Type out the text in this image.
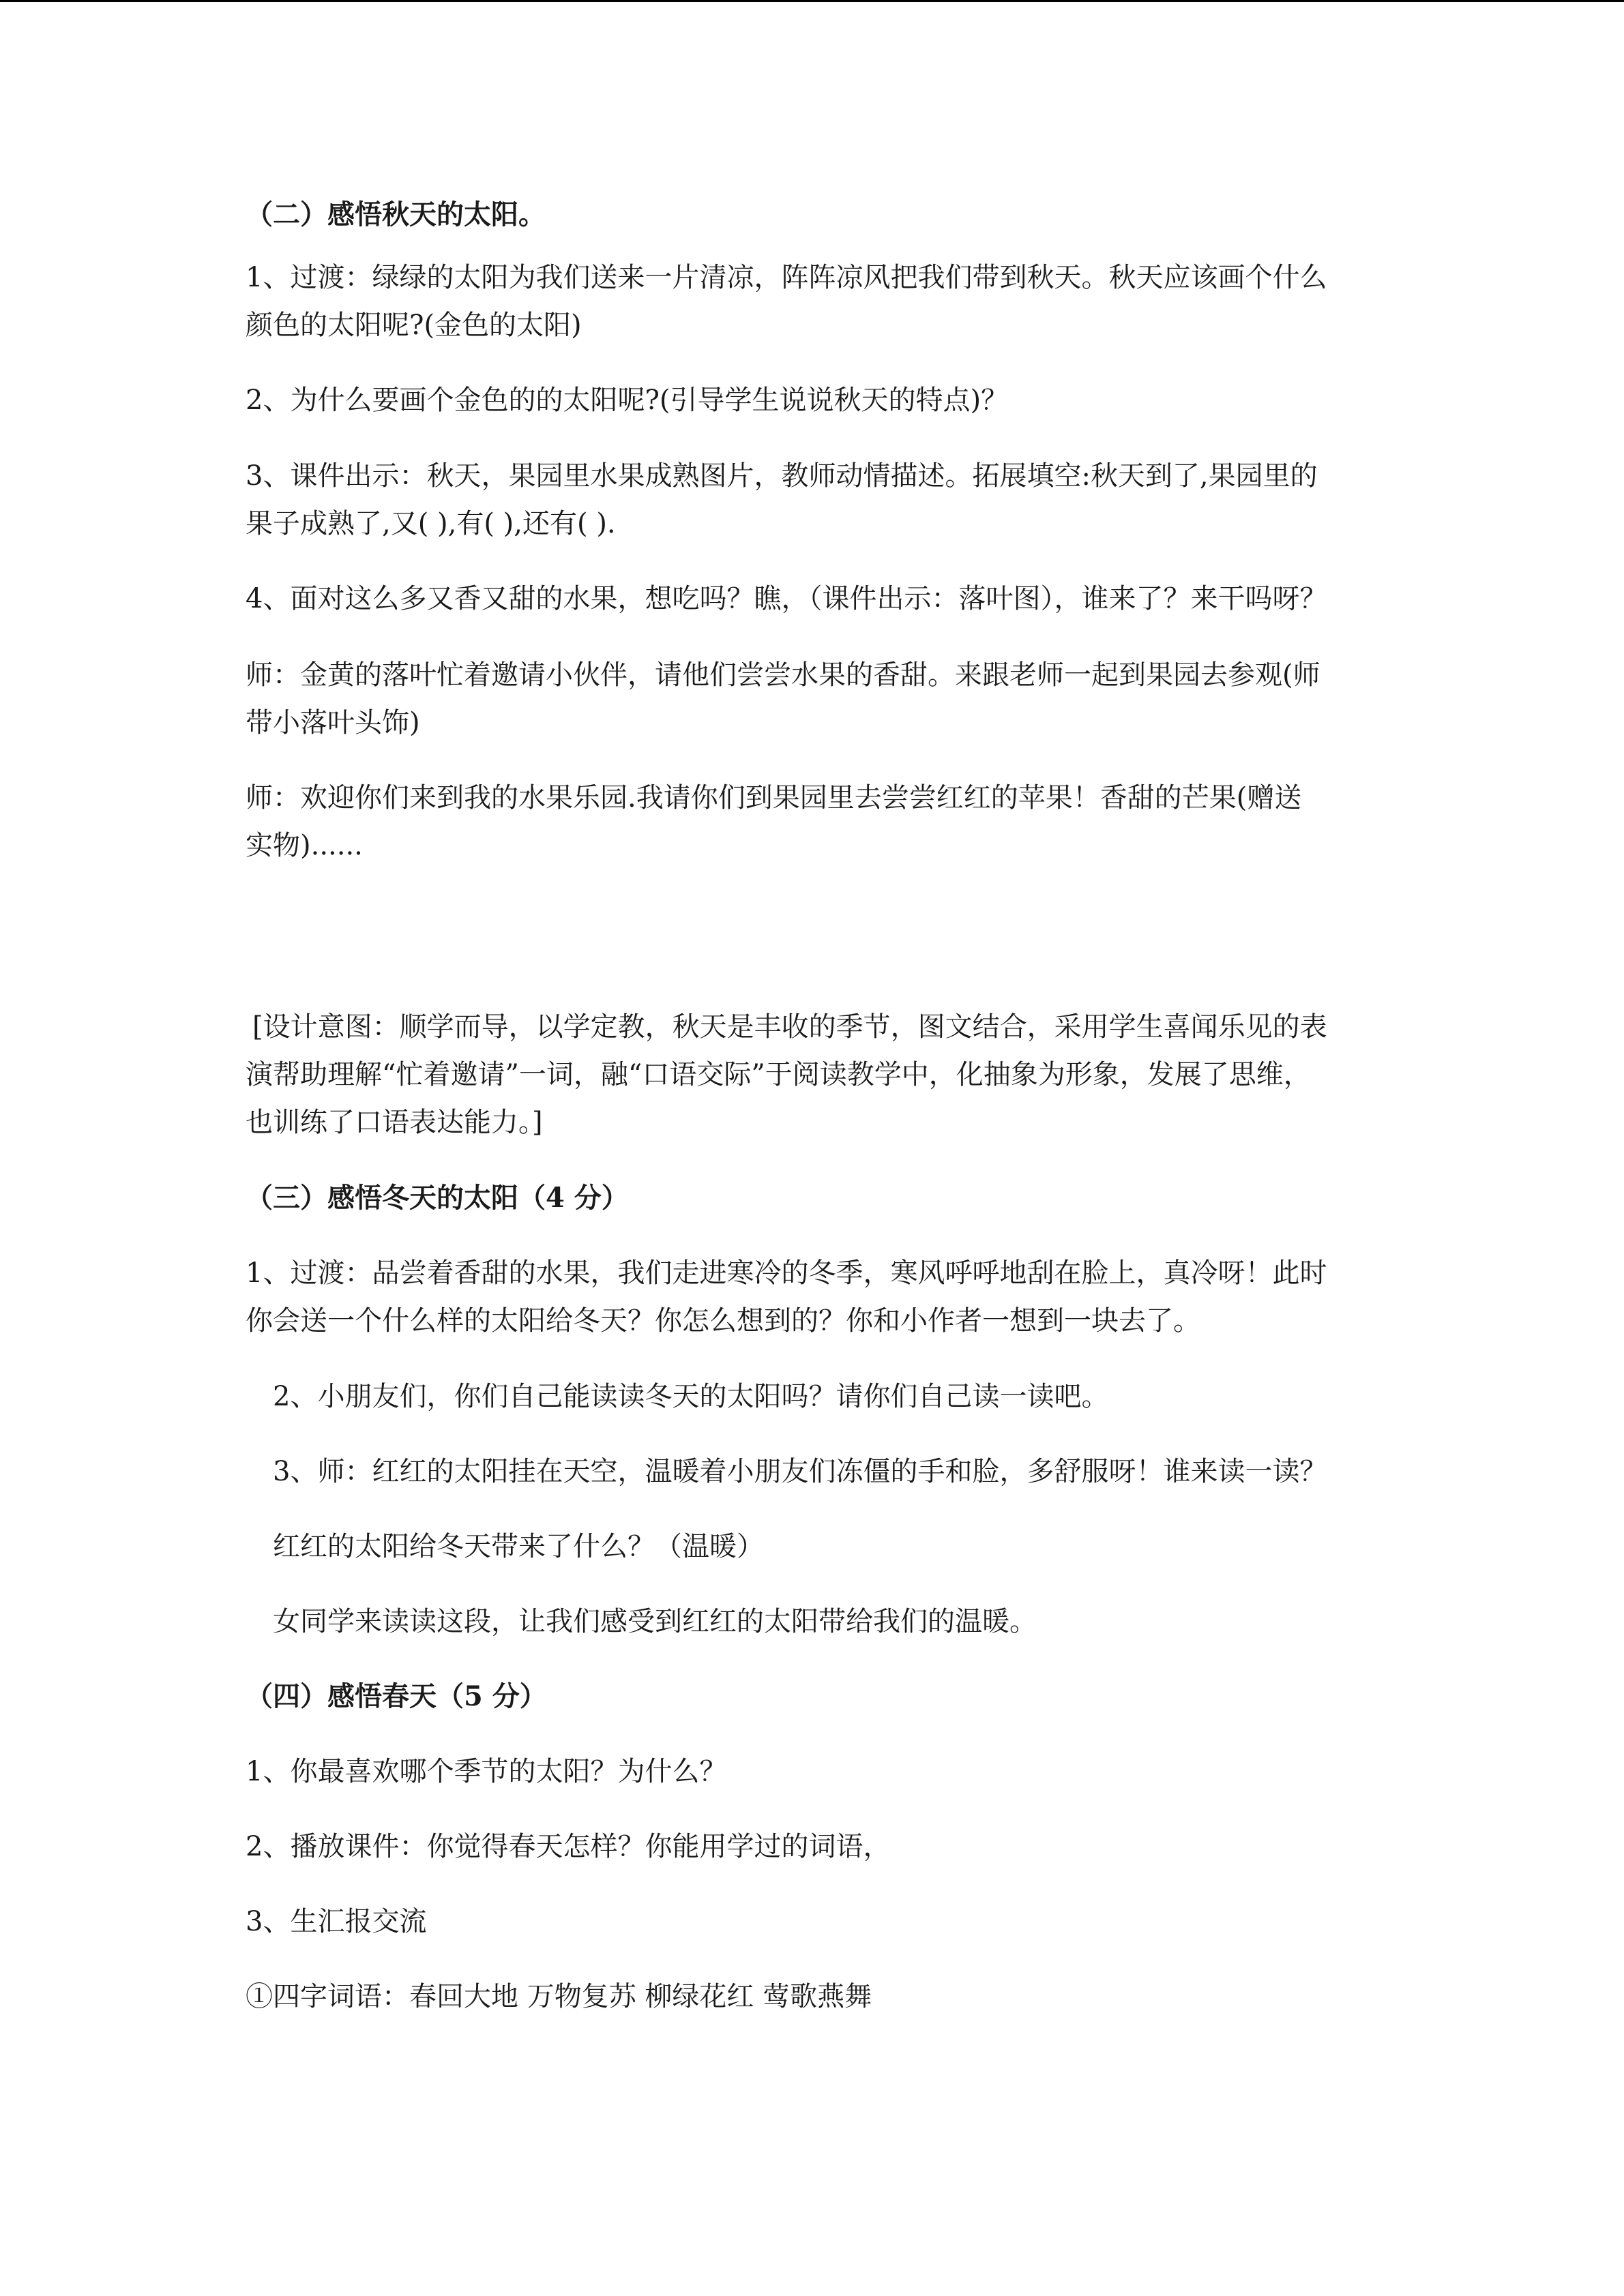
（二）感悟秋天的太阳。

1、过渡：绿绿的太阳为我们送来一片清凉，阵阵凉风把我们带到秋天。秋天应该画个什么

颜色的太阳呢?(金色的太阳)

2、为什么要画个金色的的太阳呢?(引导学生说说秋天的特点)？

3、课件出示：秋天，果园里水果成熟图片，教师动情描述。拓展填空:秋天到了,果园里的

果子成熟了,又( ),有( ),还有( ).

4、面对这么多又香又甜的水果，想吃吗？瞧，（课件出示：落叶图），谁来了？来干吗呀？

师：金黄的落叶忙着邀请小伙伴，请他们尝尝水果的香甜。来跟老师一起到果园去参观(师

带小落叶头饰)

师：欢迎你们来到我的水果乐园.我请你们到果园里去尝尝红红的苹果！香甜的芒果(赠送

实物)......

[设计意图：顺学而导，以学定教，秋天是丰收的季节，图文结合，采用学生喜闻乐见的表

演帮助理解“忙着邀请”一词，融“口语交际”于阅读教学中，化抽象为形象，发展了思维，

也训练了口语表达能力。]

（三）感悟冬天的太阳（4 分）

1、过渡：品尝着香甜的水果，我们走进寒冷的冬季，寒风呼呼地刮在脸上，真冷呀！此时

你会送一个什么样的太阳给冬天？你怎么想到的？你和小作者一想到一块去了。

2、小朋友们，你们自己能读读冬天的太阳吗？请你们自己读一读吧。

3、师：红红的太阳挂在天空，温暖着小朋友们冻僵的手和脸，多舒服呀！谁来读一读？

红红的太阳给冬天带来了什么？（温暖）

女同学来读读这段，让我们感受到红红的太阳带给我们的温暖。

（四）感悟春天（5 分）

1、你最喜欢哪个季节的太阳？为什么？

2、播放课件：你觉得春天怎样？你能用学过的词语，

3、生汇报交流

①四字词语：春回大地 万物复苏 柳绿花红 莺歌燕舞
